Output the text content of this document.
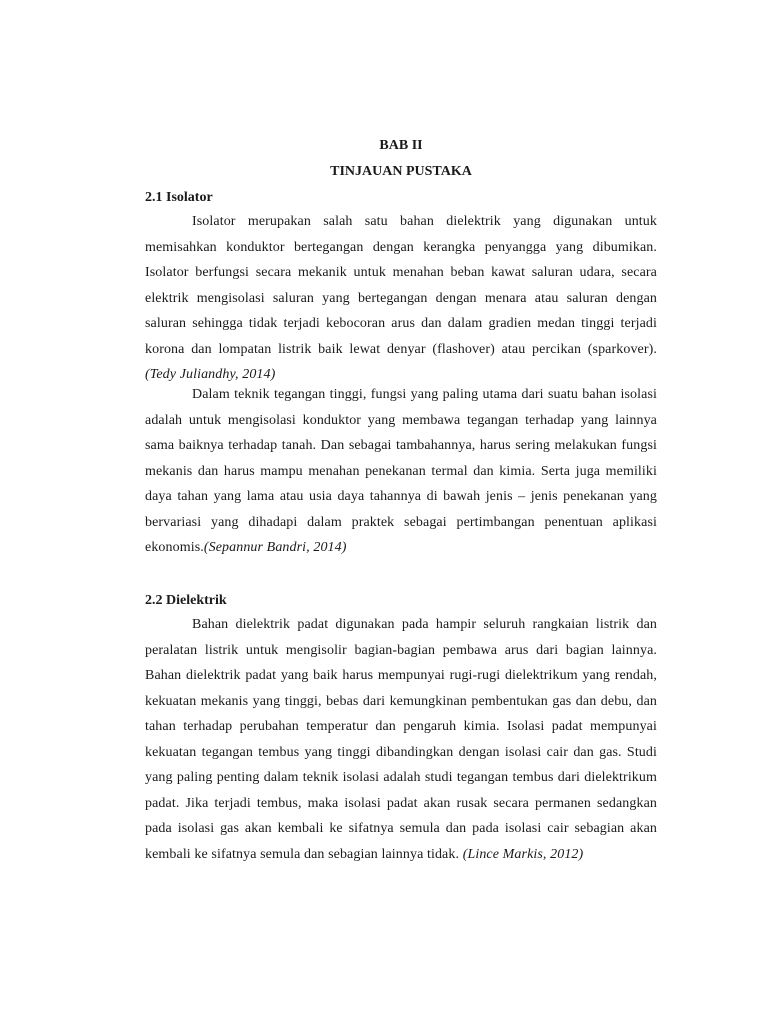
BAB II
TINJAUAN PUSTAKA
2.1 Isolator

Isolator merupakan salah satu bahan dielektrik yang digunakan untuk memisahkan konduktor bertegangan dengan kerangka penyangga yang dibumikan. Isolator berfungsi secara mekanik untuk menahan beban kawat saluran udara, secara elektrik mengisolasi saluran yang bertegangan dengan menara atau saluran dengan saluran sehingga tidak terjadi kebocoran arus dan dalam gradien medan tinggi terjadi korona dan lompatan listrik baik lewat denyar (flashover) atau percikan (sparkover). (Tedy Juliandhy, 2014)

Dalam teknik tegangan tinggi, fungsi yang paling utama dari suatu bahan isolasi adalah untuk mengisolasi konduktor yang membawa tegangan terhadap yang lainnya sama baiknya terhadap tanah. Dan sebagai tambahannya, harus sering melakukan fungsi mekanis dan harus mampu menahan penekanan termal dan kimia. Serta juga memiliki daya tahan yang lama atau usia daya tahannya di bawah jenis – jenis penekanan yang bervariasi yang dihadapi dalam praktek sebagai pertimbangan penentuan aplikasi ekonomis.(Sepannur Bandri, 2014)

2.2 Dielektrik

Bahan dielektrik padat digunakan pada hampir seluruh rangkaian listrik dan peralatan listrik untuk mengisolir bagian-bagian pembawa arus dari bagian lainnya. Bahan dielektrik padat yang baik harus mempunyai rugi-rugi dielektrikum yang rendah, kekuatan mekanis yang tinggi, bebas dari kemungkinan pembentukan gas dan debu, dan tahan terhadap perubahan temperatur dan pengaruh kimia. Isolasi padat mempunyai kekuatan tegangan tembus yang tinggi dibandingkan dengan isolasi cair dan gas. Studi yang paling penting dalam teknik isolasi adalah studi tegangan tembus dari dielektrikum padat. Jika terjadi tembus, maka isolasi padat akan rusak secara permanen sedangkan pada isolasi gas akan kembali ke sifatnya semula dan pada isolasi cair sebagian akan kembali ke sifatnya semula dan sebagian lainnya tidak. (Lince Markis, 2012)
